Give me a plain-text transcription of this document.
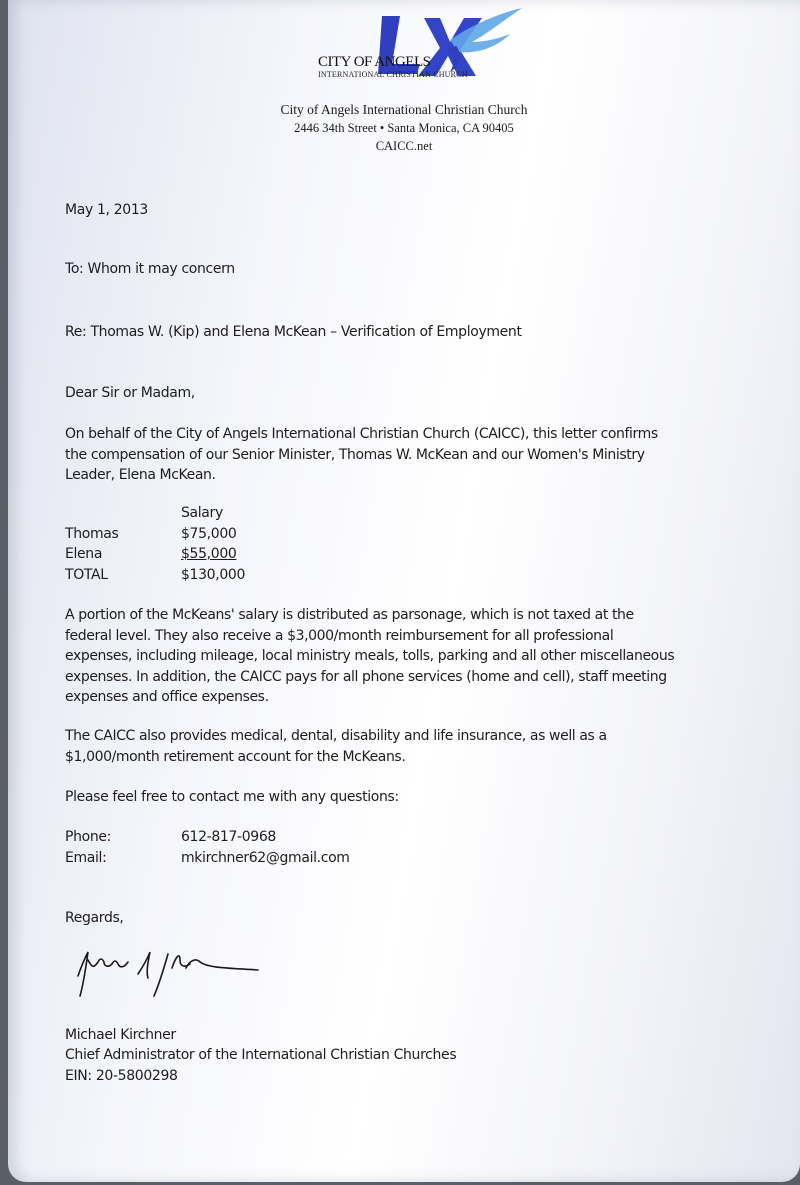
CITY OF ANGELS
INTERNATIONAL CHRISTIAN CHURCH
City of Angels International Christian Church
2446 34th Street • Santa Monica, CA 90405
CAICC.net
May 1, 2013
To: Whom it may concern
Re: Thomas W. (Kip) and Elena McKean – Verification of Employment
Dear Sir or Madam,
On behalf of the City of Angels International Christian Church (CAICC), this letter confirms
the compensation of our Senior Minister, Thomas W. McKean and our Women's Ministry
Leader, Elena McKean.
Salary
Thomas	$75,000
Elena	$55,000
TOTAL	$130,000
A portion of the McKeans' salary is distributed as parsonage, which is not taxed at the
federal level. They also receive a $3,000/month reimbursement for all professional
expenses, including mileage, local ministry meals, tolls, parking and all other miscellaneous
expenses. In addition, the CAICC pays for all phone services (home and cell), staff meeting
expenses and office expenses.
The CAICC also provides medical, dental, disability and life insurance, as well as a
$1,000/month retirement account for the McKeans.
Please feel free to contact me with any questions:
Phone:	612-817-0968
Email:	mkirchner62@gmail.com
Regards,
Michael Kirchner
Chief Administrator of the International Christian Churches
EIN: 20-5800298
